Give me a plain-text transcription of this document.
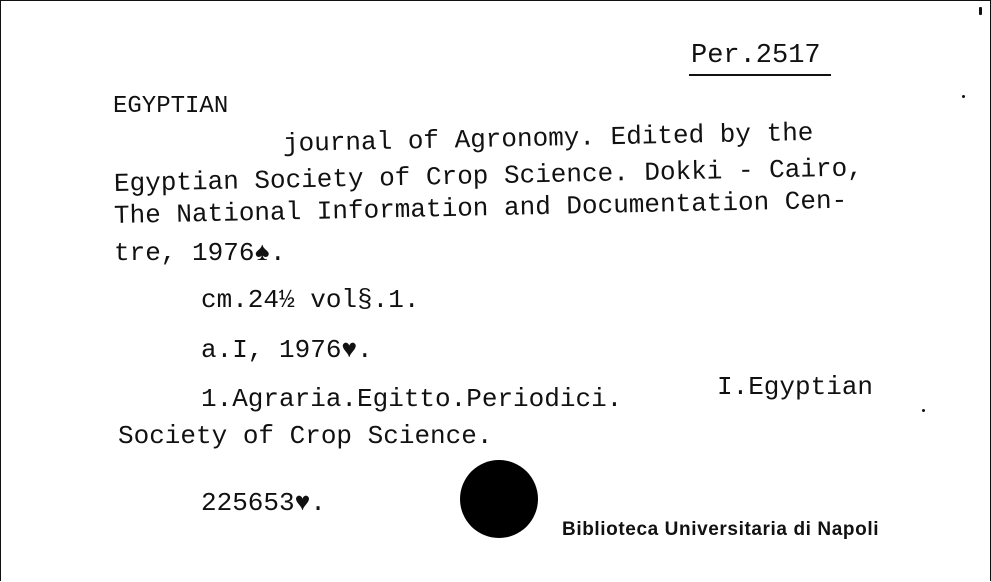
Per.2517
EGYPTIAN
journal of Agronomy. Edited by the
Egyptian Society of Crop Science. Dokki - Cairo,
The National Information and Documentation Cen-
tre, 1976♠.
cm.24½ vol§.1.
a.I, 1976♥.
1.Agraria.Egitto.Periodici.	I.Egyptian
Society of Crop Science.
225653♥.
Biblioteca Universitaria di Napoli
